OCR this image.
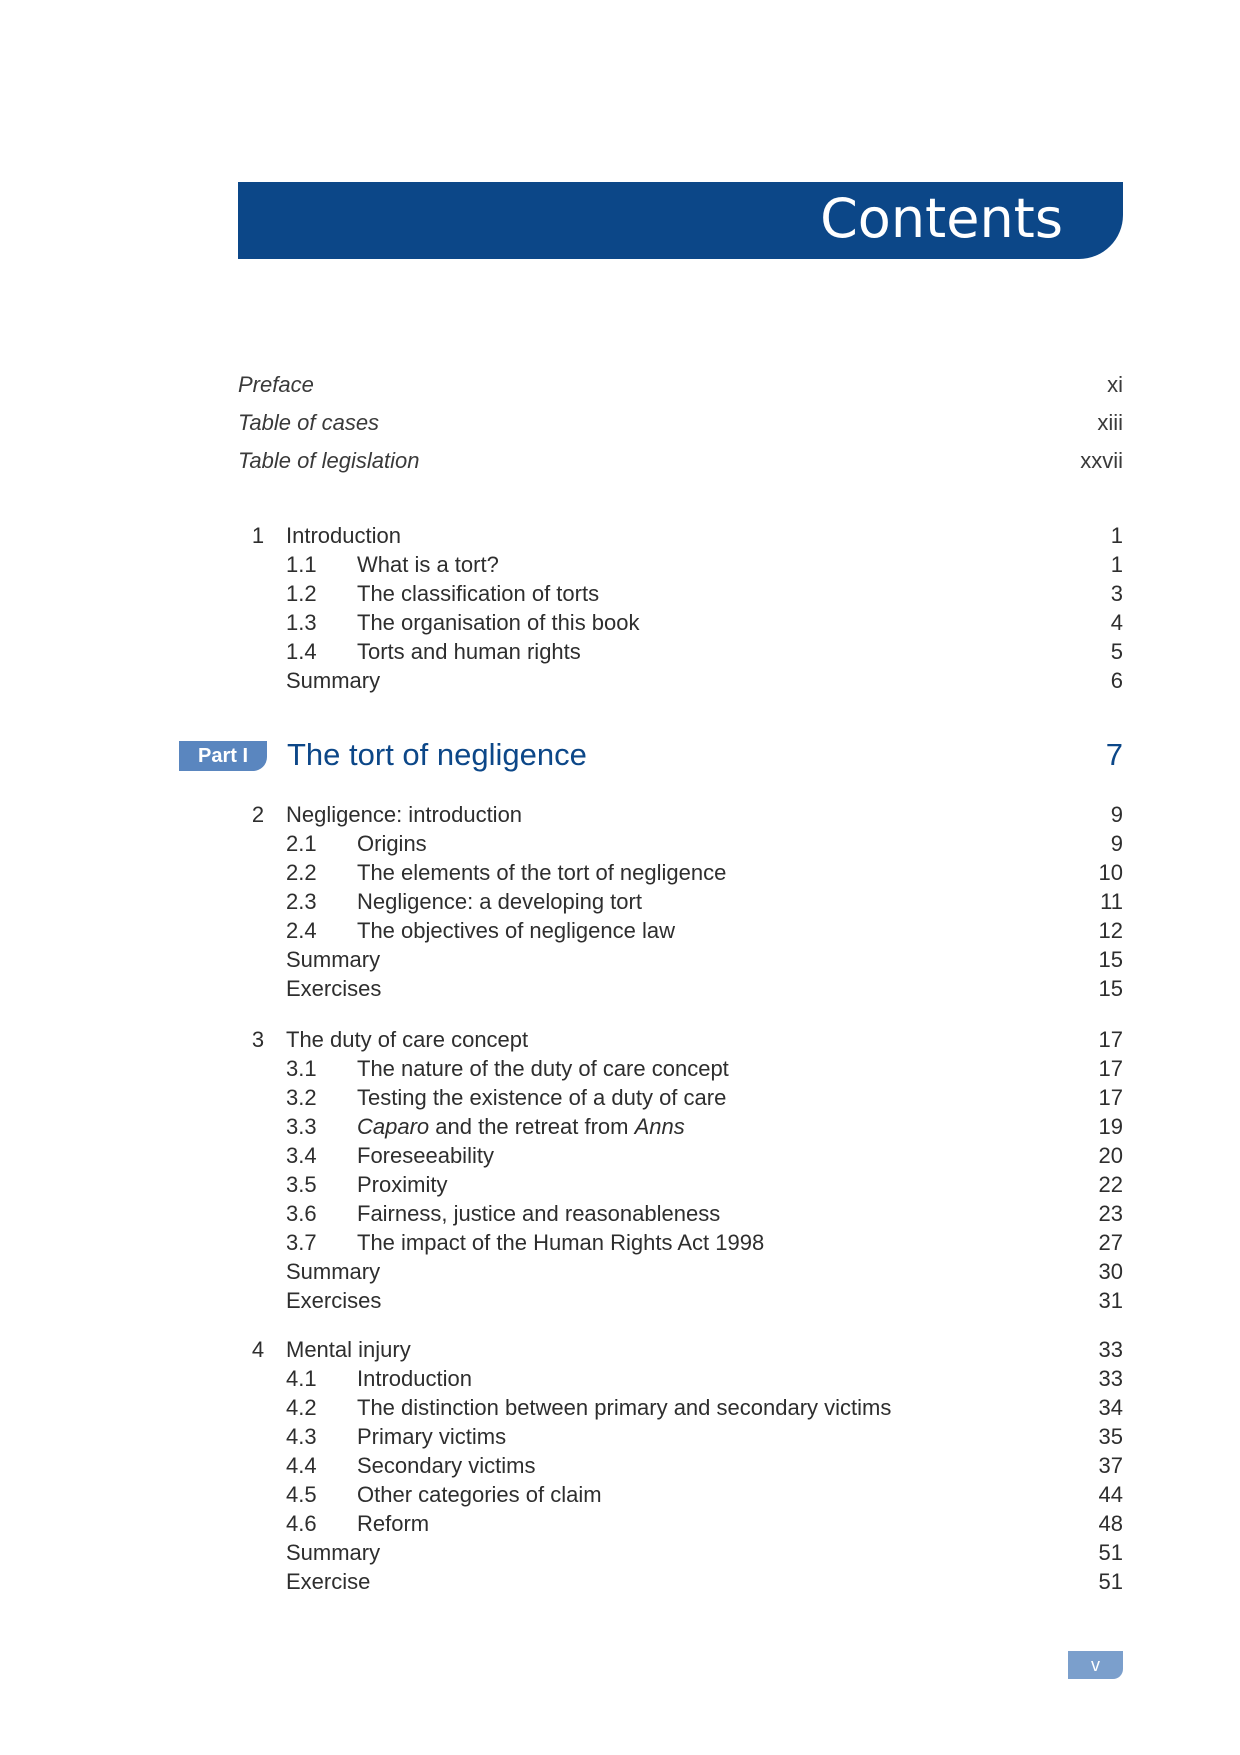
Contents
Preface	xi
Table of cases	xiii
Table of legislation	xxvii
1 Introduction	1
1.1 What is a tort?	1
1.2 The classification of torts	3
1.3 The organisation of this book	4
1.4 Torts and human rights	5
Summary	6
Part I	The tort of negligence	7
2 Negligence: introduction	9
2.1 Origins	9
2.2 The elements of the tort of negligence	10
2.3 Negligence: a developing tort	11
2.4 The objectives of negligence law	12
Summary	15
Exercises	15
3 The duty of care concept	17
3.1 The nature of the duty of care concept	17
3.2 Testing the existence of a duty of care	17
3.3 Caparo and the retreat from Anns	19
3.4 Foreseeability	20
3.5 Proximity	22
3.6 Fairness, justice and reasonableness	23
3.7 The impact of the Human Rights Act 1998	27
Summary	30
Exercises	31
4 Mental injury	33
4.1 Introduction	33
4.2 The distinction between primary and secondary victims	34
4.3 Primary victims	35
4.4 Secondary victims	37
4.5 Other categories of claim	44
4.6 Reform	48
Summary	51
Exercise	51
v
